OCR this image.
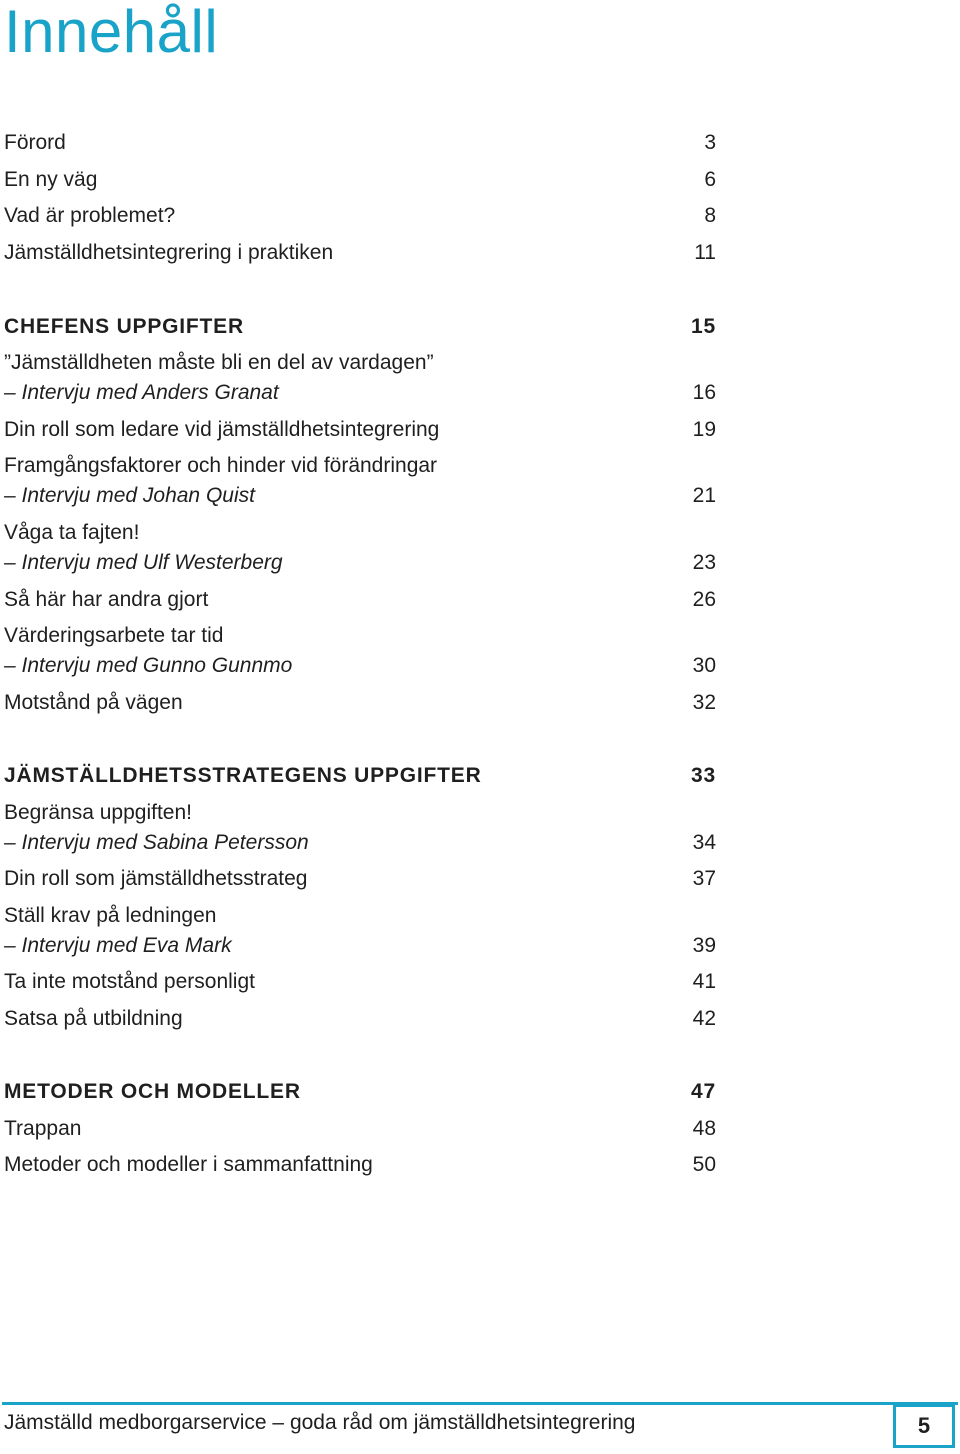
Innehåll
Förord	3
En ny väg	6
Vad är problemet?	8
Jämställdhetsintegrering i praktiken	11
CHEFENS UPPGIFTER	15
”Jämställdheten måste bli en del av vardagen”
– Intervju med Anders Granat	16
Din roll som ledare vid jämställdhetsintegrering	19
Framgångsfaktorer och hinder vid förändringar
– Intervju med Johan Quist	21
Våga ta fajten!
– Intervju med Ulf Westerberg	23
Så här har andra gjort	26
Värderingsarbete tar tid
– Intervju med Gunno Gunnmo	30
Motstånd på vägen	32
JÄMSTÄLLDHETSSTRATEGENS UPPGIFTER	33
Begränsa uppgiften!
– Intervju med Sabina Petersson	34
Din roll som jämställdhetsstrateg	37
Ställ krav på ledningen
– Intervju med Eva Mark	39
Ta inte motstånd personligt	41
Satsa på utbildning	42
METODER OCH MODELLER	47
Trappan	48
Metoder och modeller i sammanfattning	50
Jämställd medborgarservice – goda råd om jämställdhetsintegrering	5
